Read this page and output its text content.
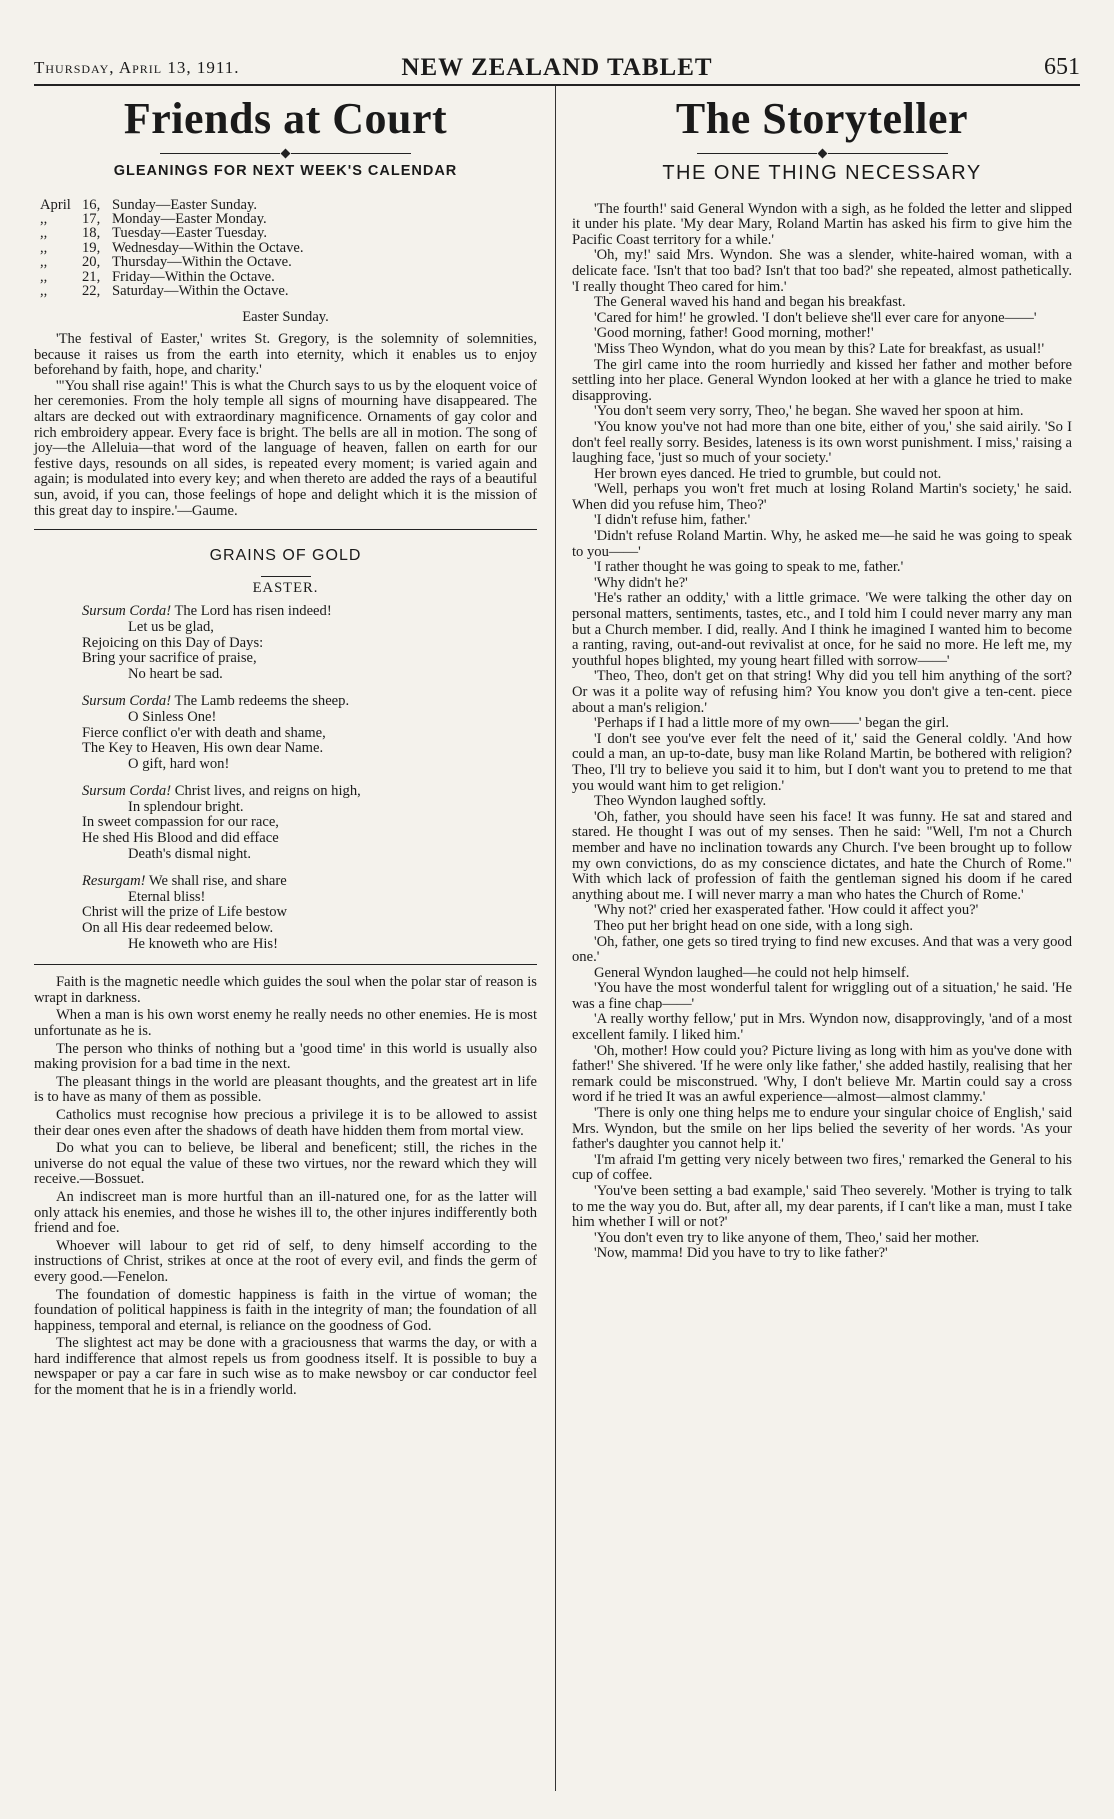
Thursday, April 13, 1911.	NEW ZEALAND TABLET	651
Friends at Court
GLEANINGS FOR NEXT WEEK'S CALENDAR
April 16, Sunday—Easter Sunday.
,, 17, Monday—Easter Monday.
,, 18, Tuesday—Easter Tuesday.
,, 19, Wednesday—Within the Octave.
,, 20, Thursday—Within the Octave.
,, 21, Friday—Within the Octave.
,, 22, Saturday—Within the Octave.
Easter Sunday.

'The festival of Easter,' writes St. Gregory, is the solemnity of solemnities, because it raises us from the earth into eternity, which it enables us to enjoy beforehand by faith, hope, and charity.'

'"You shall rise again!' This is what the Church says to us by the eloquent voice of her ceremonies. From the holy temple all signs of mourning have disappeared. The altars are decked out with extraordinary magnificence. Ornaments of gay color and rich embroidery appear. Every face is bright. The bells are all in motion. The song of joy—the Alleluia—that word of the language of heaven, fallen on earth for our festive days, resounds on all sides, is repeated every moment; is varied again and again; is modulated into every key; and when thereto are added the rays of a beautiful sun, avoid, if you can, those feelings of hope and delight which it is the mission of this great day to inspire.'—Gaume.

GRAINS OF GOLD
EASTER.
Sursum Corda! The Lord has risen indeed!
Let us be glad,
Rejoicing on this Day of Days:
Bring your sacrifice of praise,
No heart be sad.
Sursum Corda! The Lamb redeems the sheep.
O Sinless One!
Fierce conflict o'er with death and shame,
The Key to Heaven, His own dear Name.
O gift, hard won!
Sursum Corda! Christ lives, and reigns on high,
In splendour bright.
In sweet compassion for our race,
He shed His Blood and did efface
Death's dismal night.
Resurgam! We shall rise, and share
Eternal bliss!
Christ will the prize of Life bestow
On all His dear redeemed below.
He knoweth who are His!

Faith is the magnetic needle which guides the soul when the polar star of reason is wrapt in darkness.

When a man is his own worst enemy he really needs no other enemies. He is most unfortunate as he is.

The person who thinks of nothing but a 'good time' in this world is usually also making provision for a bad time in the next.

The pleasant things in the world are pleasant thoughts, and the greatest art in life is to have as many of them as possible.

Catholics must recognise how precious a privilege it is to be allowed to assist their dear ones even after the shadows of death have hidden them from mortal view.

Do what you can to believe, be liberal and beneficent; still, the riches in the universe do not equal the value of these two virtues, nor the reward which they will receive.—Bossuet.

An indiscreet man is more hurtful than an ill-natured one, for as the latter will only attack his enemies, and those he wishes ill to, the other injures indifferently both friend and foe.

Whoever will labour to get rid of self, to deny himself according to the instructions of Christ, strikes at once at the root of every evil, and finds the germ of every good.—Fenelon.

The foundation of domestic happiness is faith in the virtue of woman; the foundation of political happiness is faith in the integrity of man; the foundation of all happiness, temporal and eternal, is reliance on the goodness of God.

The slightest act may be done with a graciousness that warms the day, or with a hard indifference that almost repels us from goodness itself. It is possible to buy a newspaper or pay a car fare in such wise as to make newsboy or car conductor feel for the moment that he is in a friendly world.

The Storyteller
THE ONE THING NECESSARY

'The fourth!' said General Wyndon with a sigh, as he folded the letter and slipped it under his plate. 'My dear Mary, Roland Martin has asked his firm to give him the Pacific Coast territory for a while.'

'Oh, my!' said Mrs. Wyndon. She was a slender, white-haired woman, with a delicate face. 'Isn't that too bad? Isn't that too bad?' she repeated, almost pathetically. 'I really thought Theo cared for him.'

The General waved his hand and began his breakfast.

'Cared for him!' he growled. 'I don't believe she'll ever care for anyone——'

'Good morning, father! Good morning, mother!'

'Miss Theo Wyndon, what do you mean by this? Late for breakfast, as usual!'

The girl came into the room hurriedly and kissed her father and mother before settling into her place. General Wyndon looked at her with a glance he tried to make disapproving.

'You don't seem very sorry, Theo,' he began. She waved her spoon at him.

'You know you've not had more than one bite, either of you,' she said airily. 'So I don't feel really sorry. Besides, lateness is its own worst punishment. I miss,' raising a laughing face, 'just so much of your society.'

Her brown eyes danced. He tried to grumble, but could not.

'Well, perhaps you won't fret much at losing Roland Martin's society,' he said. When did you refuse him, Theo?'

'I didn't refuse him, father.'

'Didn't refuse Roland Martin. Why, he asked me—he said he was going to speak to you——'

'I rather thought he was going to speak to me, father.'

'Why didn't he?'

'He's rather an oddity,' with a little grimace. 'We were talking the other day on personal matters, sentiments, tastes, etc., and I told him I could never marry any man but a Church member. I did, really. And I think he imagined I wanted him to become a ranting, raving, out-and-out revivalist at once, for he said no more. He left me, my youthful hopes blighted, my young heart filled with sorrow——'

'Theo, Theo, don't get on that string! Why did you tell him anything of the sort? Or was it a polite way of refusing him? You know you don't give a ten-cent. piece about a man's religion.'

'Perhaps if I had a little more of my own——' began the girl.

'I don't see you've ever felt the need of it,' said the General coldly. 'And how could a man, an up-to-date, busy man like Roland Martin, be bothered with religion? Theo, I'll try to believe you said it to him, but I don't want you to pretend to me that you would want him to get religion.'

Theo Wyndon laughed softly.

'Oh, father, you should have seen his face! It was funny. He sat and stared and stared. He thought I was out of my senses. Then he said: "Well, I'm not a Church member and have no inclination towards any Church. I've been brought up to follow my own convictions, do as my conscience dictates, and hate the Church of Rome." With which lack of profession of faith the gentleman signed his doom if he cared anything about me. I will never marry a man who hates the Church of Rome.'

'Why not?' cried her exasperated father. 'How could it affect you?'

Theo put her bright head on one side, with a long sigh.

'Oh, father, one gets so tired trying to find new excuses. And that was a very good one.'

General Wyndon laughed—he could not help himself.

'You have the most wonderful talent for wriggling out of a situation,' he said. 'He was a fine chap——'

'A really worthy fellow,' put in Mrs. Wyndon now, disapprovingly, 'and of a most excellent family. I liked him.'

'Oh, mother! How could you? Picture living as long with him as you've done with father!' She shivered. 'If he were only like father,' she added hastily, realising that her remark could be misconstrued. 'Why, I don't believe Mr. Martin could say a cross word if he tried It was an awful experience—almost—almost clammy.'

'There is only one thing helps me to endure your singular choice of English,' said Mrs. Wyndon, but the smile on her lips belied the severity of her words. 'As your father's daughter you cannot help it.'

'I'm afraid I'm getting very nicely between two fires,' remarked the General to his cup of coffee.

'You've been setting a bad example,' said Theo severely. 'Mother is trying to talk to me the way you do. But, after all, my dear parents, if I can't like a man, must I take him whether I will or not?'

'You don't even try to like anyone of them, Theo,' said her mother.

'Now, mamma! Did you have to try to like father?'
